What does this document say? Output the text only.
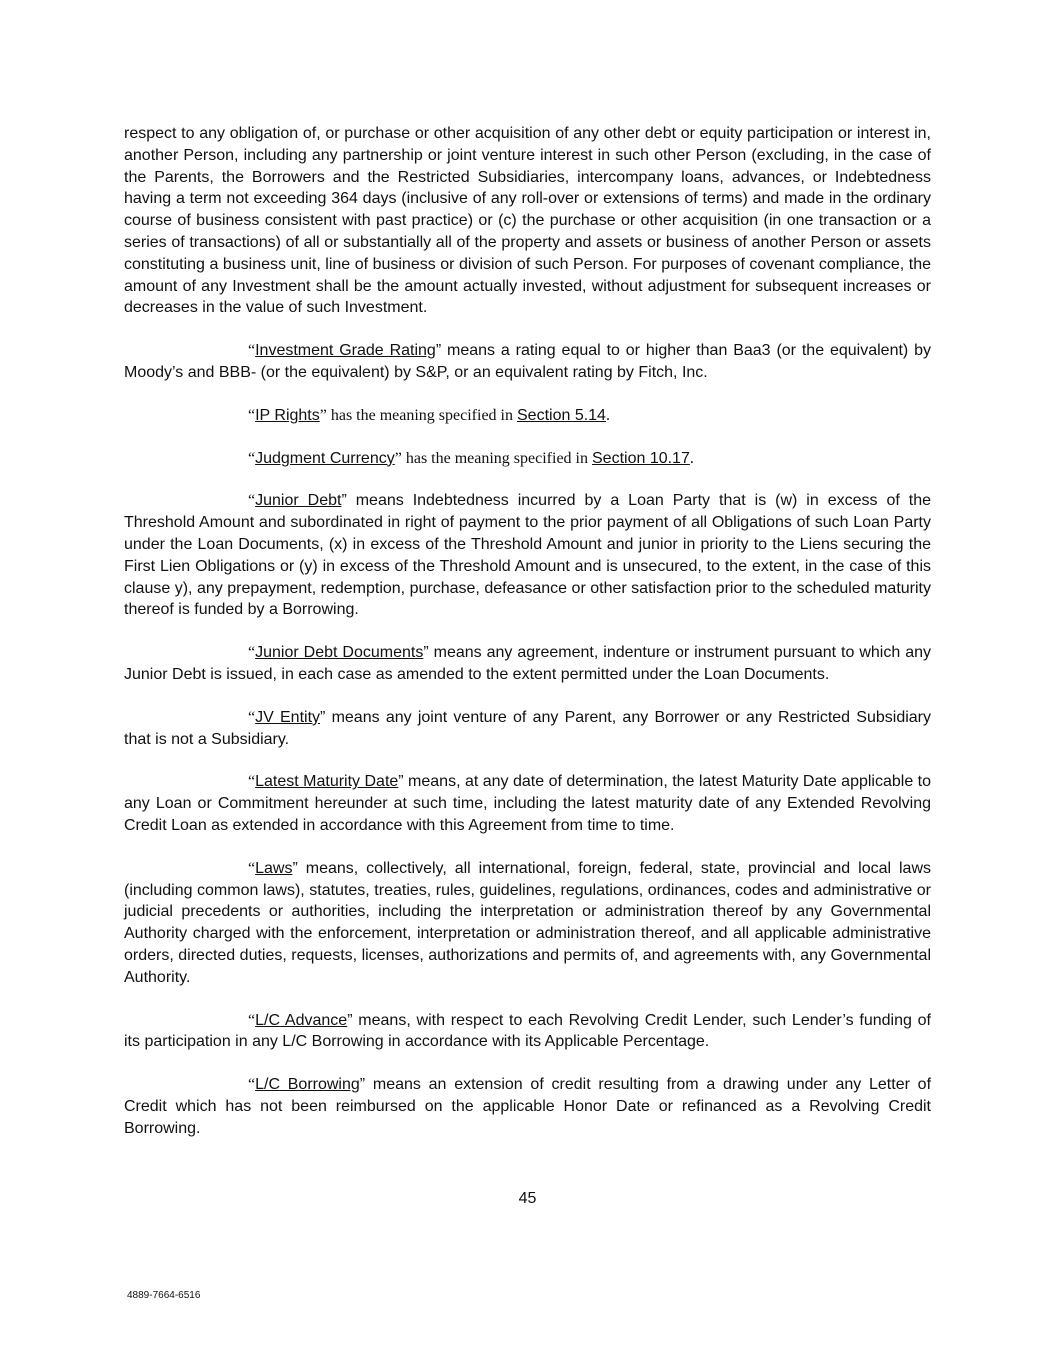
respect to any obligation of, or purchase or other acquisition of any other debt or equity participation or interest in, another Person, including any partnership or joint venture interest in such other Person (excluding, in the case of the Parents, the Borrowers and the Restricted Subsidiaries, intercompany loans, advances, or Indebtedness having a term not exceeding 364 days (inclusive of any roll-over or extensions of terms) and made in the ordinary course of business consistent with past practice) or (c) the purchase or other acquisition (in one transaction or a series of transactions) of all or substantially all of the property and assets or business of another Person or assets constituting a business unit, line of business or division of such Person. For purposes of covenant compliance, the amount of any Investment shall be the amount actually invested, without adjustment for subsequent increases or decreases in the value of such Investment.

“Investment Grade Rating” means a rating equal to or higher than Baa3 (or the equivalent) by Moody’s and BBB- (or the equivalent) by S&P, or an equivalent rating by Fitch, Inc.

“IP Rights” has the meaning specified in Section 5.14.

“Judgment Currency” has the meaning specified in Section 10.17.

“Junior Debt” means Indebtedness incurred by a Loan Party that is (w) in excess of the Threshold Amount and subordinated in right of payment to the prior payment of all Obligations of such Loan Party under the Loan Documents, (x) in excess of the Threshold Amount and junior in priority to the Liens securing the First Lien Obligations or (y) in excess of the Threshold Amount and is unsecured, to the extent, in the case of this clause y), any prepayment, redemption, purchase, defeasance or other satisfaction prior to the scheduled maturity thereof is funded by a Borrowing.

“Junior Debt Documents” means any agreement, indenture or instrument pursuant to which any Junior Debt is issued, in each case as amended to the extent permitted under the Loan Documents.

“JV Entity” means any joint venture of any Parent, any Borrower or any Restricted Subsidiary that is not a Subsidiary.

“Latest Maturity Date” means, at any date of determination, the latest Maturity Date applicable to any Loan or Commitment hereunder at such time, including the latest maturity date of any Extended Revolving Credit Loan as extended in accordance with this Agreement from time to time.

“Laws” means, collectively, all international, foreign, federal, state, provincial and local laws (including common laws), statutes, treaties, rules, guidelines, regulations, ordinances, codes and administrative or judicial precedents or authorities, including the interpretation or administration thereof by any Governmental Authority charged with the enforcement, interpretation or administration thereof, and all applicable administrative orders, directed duties, requests, licenses, authorizations and permits of, and agreements with, any Governmental Authority.

“L/C Advance” means, with respect to each Revolving Credit Lender, such Lender’s funding of its participation in any L/C Borrowing in accordance with its Applicable Percentage.

“L/C Borrowing” means an extension of credit resulting from a drawing under any Letter of Credit which has not been reimbursed on the applicable Honor Date or refinanced as a Revolving Credit Borrowing.

45
4889-7664-6516
